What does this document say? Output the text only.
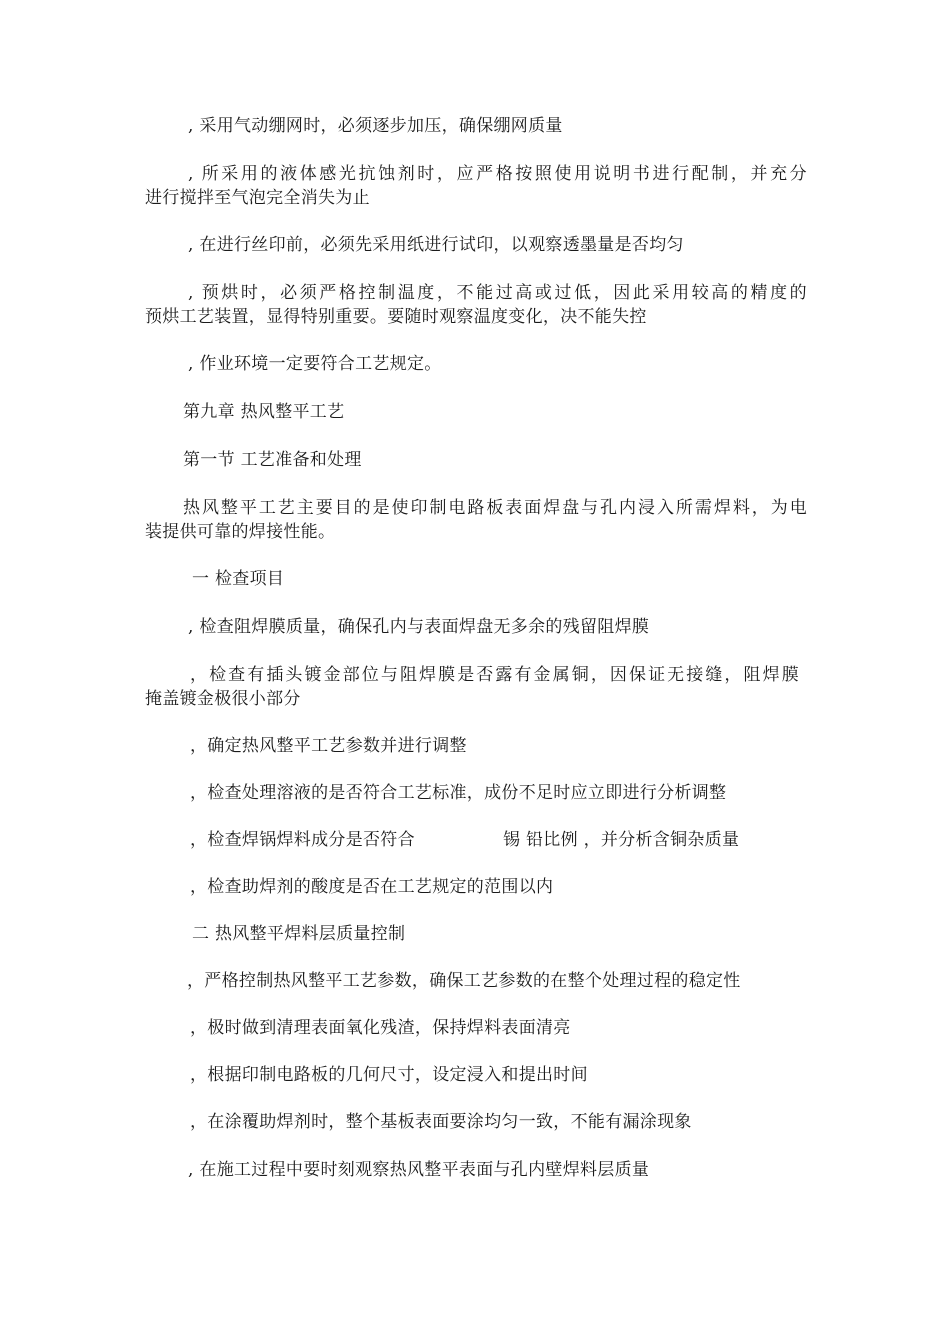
, 采用气动绷网时，必须逐步加压，确保绷网质量
, 所采用的液体感光抗蚀剂时，应严格按照使用说明书进行配制，并充分
进行搅拌至气泡完全消失为止
, 在进行丝印前，必须先采用纸进行试印，以观察透墨量是否均匀
, 预烘时，必须严格控制温度，不能过高或过低，因此采用较高的精度的
预烘工艺装置，显得特别重要。要随时观察温度变化，决不能失控
, 作业环境一定要符合工艺规定。
第九章 热风整平工艺
第一节 工艺准备和处理
热风整平工艺主要目的是使印制电路板表面焊盘与孔内浸入所需焊料，为电
装提供可靠的焊接性能。
一 检查项目
, 检查阻焊膜质量，确保孔内与表面焊盘无多余的残留阻焊膜
，检查有插头镀金部位与阻焊膜是否露有金属铜，因保证无接缝，阻焊膜
掩盖镀金极很小部分
，确定热风整平工艺参数并进行调整
，检查处理溶液的是否符合工艺标准，成份不足时应立即进行分析调整
，检查焊锅焊料成分是否符合	锡 铅比例 ，并分析含铜杂质量
，检查助焊剂的酸度是否在工艺规定的范围以内
二 热风整平焊料层质量控制
，严格控制热风整平工艺参数，确保工艺参数的在整个处理过程的稳定性
，极时做到清理表面氧化残渣，保持焊料表面清亮
，根据印制电路板的几何尺寸，设定浸入和提出时间
，在涂覆助焊剂时，整个基板表面要涂均匀一致，不能有漏涂现象
, 在施工过程中要时刻观察热风整平表面与孔内壁焊料层质量
